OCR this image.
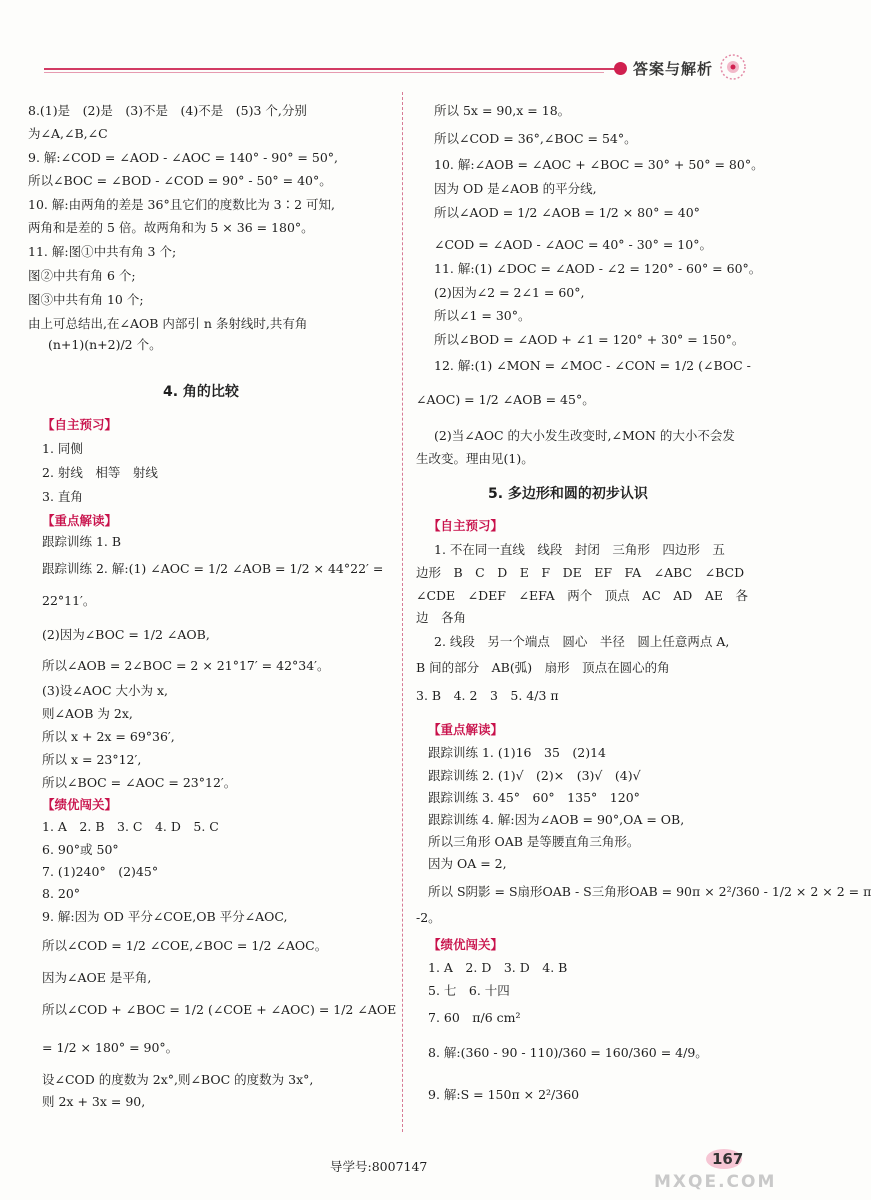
答案与解析
8.(1)是　(2)是　(3)不是　(4)不是　(5)3 个,分别
为∠A,∠B,∠C
9. 解:∠COD = ∠AOD - ∠AOC = 140° - 90° = 50°,
所以∠BOC = ∠BOD - ∠COD = 90° - 50° = 40°。
10. 解:由两角的差是 36°且它们的度数比为 3∶2 可知,
两角和是差的 5 倍。故两角和为 5 × 36 = 180°。
11. 解:图①中共有角 3 个;
图②中共有角 6 个;
图③中共有角 10 个;
由上可总结出,在∠AOB 内部引 n 条射线时,共有角
(n+1)(n+2)/2 个。
4. 角的比较
【自主预习】
1. 同侧
2. 射线　相等　射线
3. 直角
【重点解读】
跟踪训练 1. B
跟踪训练 2. 解:(1) ∠AOC = 1/2 ∠AOB = 1/2 × 44°22′ =
22°11′。
(2)因为∠BOC = 1/2 ∠AOB,
所以∠AOB = 2∠BOC = 2 × 21°17′ = 42°34′。
(3)设∠AOC 大小为 x,
则∠AOB 为 2x,
所以 x + 2x = 69°36′,
所以 x = 23°12′,
所以∠BOC = ∠AOC = 23°12′。
【绩优闯关】
1. A　2. B　3. C　4. D　5. C
6. 90°或 50°
7. (1)240°　(2)45°
8. 20°
9. 解:因为 OD 平分∠COE,OB 平分∠AOC,
所以∠COD = 1/2 ∠COE,∠BOC = 1/2 ∠AOC。
因为∠AOE 是平角,
所以∠COD + ∠BOC = 1/2 (∠COE + ∠AOC) = 1/2 ∠AOE
= 1/2 × 180° = 90°。
设∠COD 的度数为 2x°,则∠BOC 的度数为 3x°,
则 2x + 3x = 90,
所以 5x = 90,x = 18。
所以∠COD = 36°,∠BOC = 54°。
10. 解:∠AOB = ∠AOC + ∠BOC = 30° + 50° = 80°。
因为 OD 是∠AOB 的平分线,
所以∠AOD = 1/2 ∠AOB = 1/2 × 80° = 40°
∠COD = ∠AOD - ∠AOC = 40° - 30° = 10°。
11. 解:(1) ∠DOC = ∠AOD - ∠2 = 120° - 60° = 60°。
(2)因为∠2 = 2∠1 = 60°,
所以∠1 = 30°。
所以∠BOD = ∠AOD + ∠1 = 120° + 30° = 150°。
12. 解:(1) ∠MON = ∠MOC - ∠CON = 1/2 (∠BOC -
∠AOC) = 1/2 ∠AOB = 45°。
(2)当∠AOC 的大小发生改变时,∠MON 的大小不会发
生改变。理由见(1)。
5. 多边形和圆的初步认识
【自主预习】
1. 不在同一直线　线段　封闭　三角形　四边形　五
边形　B　C　D　E　F　DE　EF　FA　∠ABC　∠BCD
∠CDE　∠DEF　∠EFA　两个　顶点　AC　AD　AE　各
边　各角
2. 线段　另一个端点　圆心　半径　圆上任意两点 A,
B 间的部分　AB(弧)　扇形　顶点在圆心的角
3. B　4. 2　3　5. 4/3 π
【重点解读】
跟踪训练 1. (1)16　35　(2)14
跟踪训练 2. (1)√　(2)×　(3)√　(4)√
跟踪训练 3. 45°　60°　135°　120°
跟踪训练 4. 解:因为∠AOB = 90°,OA = OB,
所以三角形 OAB 是等腰直角三角形。
因为 OA = 2,
所以 S阴影 = S扇形OAB - S三角形OAB = 90π × 2²/360 - 1/2 × 2 × 2 = π
-2。
【绩优闯关】
1. A　2. D　3. D　4. B
5. 七　6. 十四
7. 60　π/6 cm²
8. 解:(360 - 90 - 110)/360 = 160/360 = 4/9。
9. 解:S = 150π × 2²/360
导学号:8007147	167
MXQE.COM
